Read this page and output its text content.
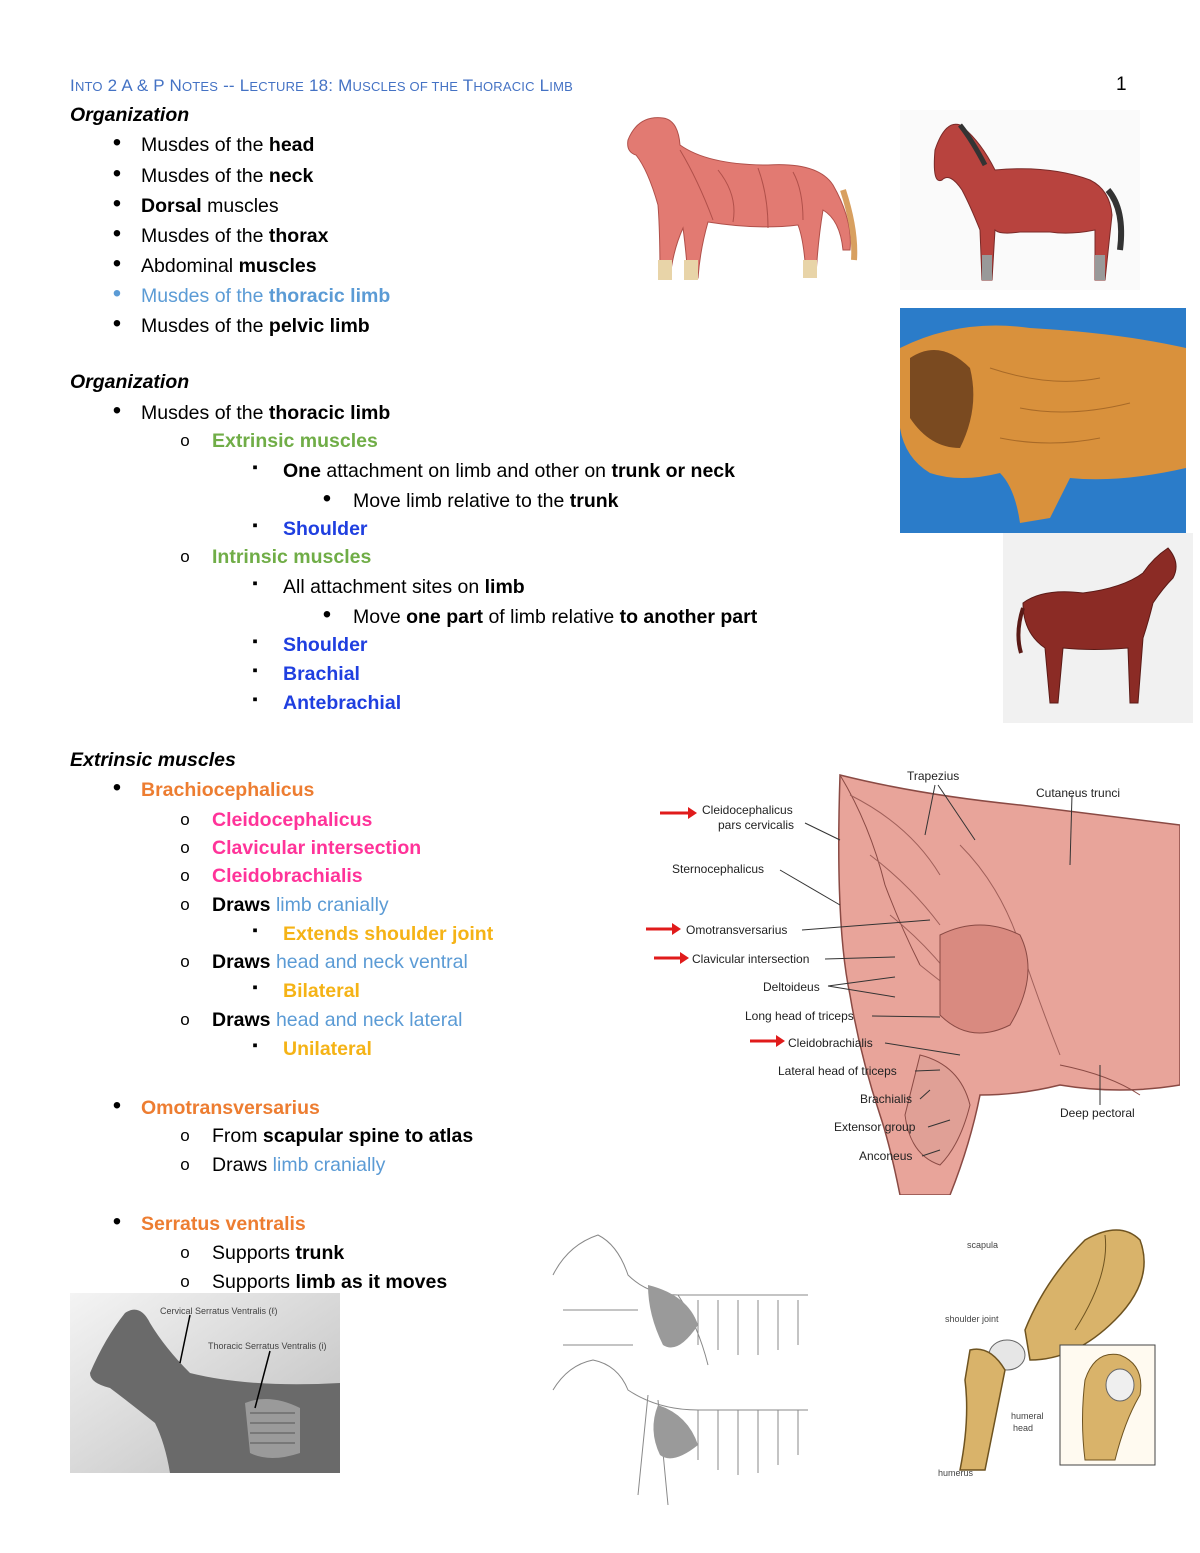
INTO 2 A & P NOTES -- LECTURE 18: MUSCLES OF THE THORACIC LIMB	1
Organization
•
Musdes of the head
•
Musdes of the neck
•
Dorsal muscles
•
Musdes of the thorax
•
Abdominal muscles
•
Musdes of the thoracic limb
•
Musdes of the pelvic limb
Organization
•
Musdes of the thoracic limb
o
Extrinsic muscles
▪
One attachment on limb and other on trunk or neck
•
Move limb relative to the trunk
▪
Shoulder
o
Intrinsic muscles
▪
All attachment sites on limb
•
Move one part of limb relative to another part
▪
Shoulder
▪
Brachial
▪
Antebrachial
Extrinsic muscles
•
Brachiocephalicus
o
Cleidocephalicus
o
Clavicular intersection
o
Cleidobrachialis
o
Draws limb cranially
▪
Extends shoulder joint
o
Draws head and neck ventral
▪
Bilateral
o
Draws head and neck lateral
▪
Unilateral
•
Omotransversarius
o
From scapular spine to atlas
o
Draws limb cranially
•
Serratus ventralis
o
Supports trunk
o
Supports limb as it moves
Trapezius
Cutaneus trunci
Cleidocephalicus
pars cervicalis
Sternocephalicus
Omotransversarius
Clavicular intersection
Deltoideus
Long head of triceps
Cleidobrachialis
Lateral head of triceps
Brachialis
Extensor group
Anconeus
Deep pectoral
Cervical Serratus Ventralis (ℓ)
Thoracic Serratus Ventralis (i)
scapula
shoulder joint
humeral
head
humerus
